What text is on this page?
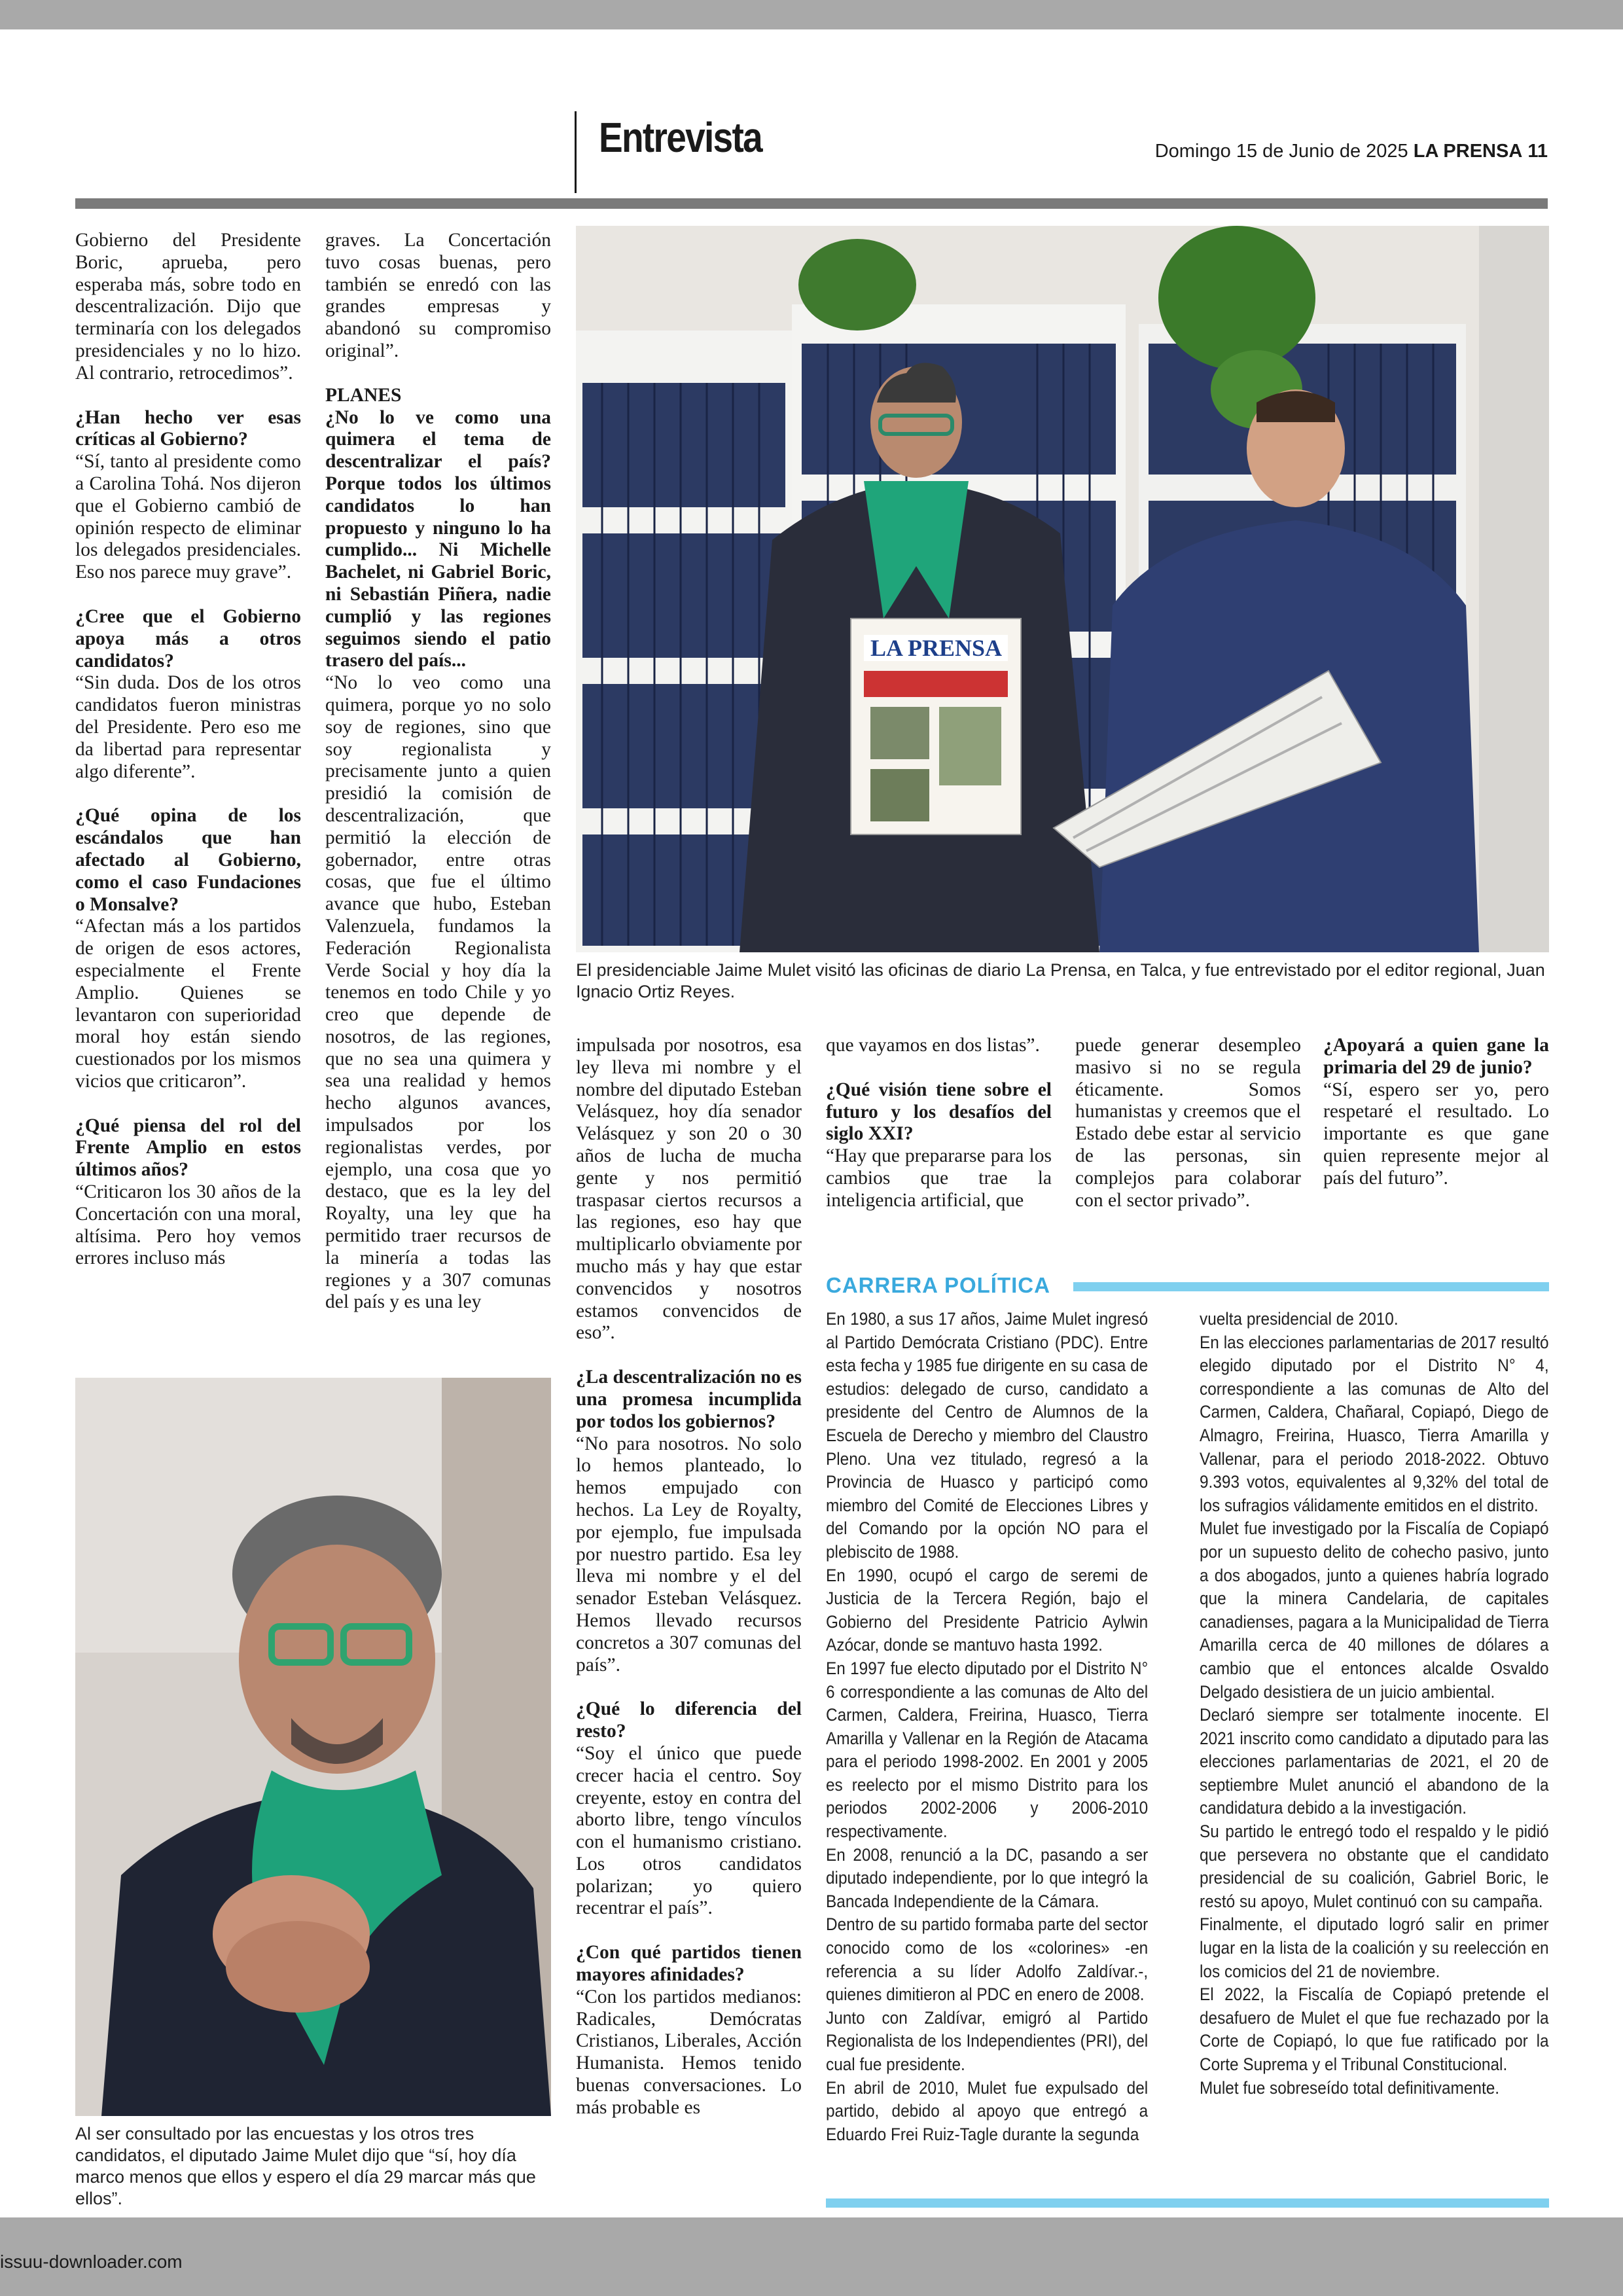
Entrevista	Domingo 15 de Junio de 2025 LA PRENSA 11

Gobierno del Presidente Boric, aprueba, pero esperaba más, sobre todo en descentralización. Dijo que terminaría con los delegados presidenciales y no lo hizo. Al contrario, retrocedimos”.

¿Han hecho ver esas críticas al Gobierno?

“Sí, tanto al presidente como a Carolina Tohá. Nos dijeron que el Gobierno cambió de opinión respecto de eliminar los delegados presidenciales. Eso nos parece muy grave”.

¿Cree que el Gobierno apoya más a otros candidatos?

“Sin duda. Dos de los otros candidatos fueron ministras del Presidente. Pero eso me da libertad para representar algo diferente”.

¿Qué opina de los escándalos que han afectado al Gobierno, como el caso Fundaciones o Monsalve?

“Afectan más a los partidos de origen de esos actores, especialmente el Frente Amplio. Quienes se levantaron con superioridad moral hoy están siendo cuestionados por los mismos vicios que criticaron”.

¿Qué piensa del rol del Frente Amplio en estos últimos años?

“Criticaron los 30 años de la Concertación con una moral, altísima. Pero hoy vemos errores incluso más

graves. La Concertación tuvo cosas buenas, pero también se enredó con las grandes empresas y abandonó su compromiso original”.

PLANES

¿No lo ve como una quimera el tema de descentralizar el país? Porque todos los últimos candidatos lo han propuesto y ninguno lo ha cumplido... Ni Michelle Bachelet, ni Gabriel Boric, ni Sebastián Piñera, nadie cumplió y las regiones seguimos siendo el patio trasero del país...

“No lo veo como una quimera, porque yo no solo soy de regiones, sino que soy regionalista y precisamente junto a quien presidió la comisión de descentralización, que permitió la elección de gobernador, entre otras cosas, que fue el último avance que hubo, Esteban Valenzuela, fundamos la Federación Regionalista Verde Social y hoy día la tenemos en todo Chile y yo creo que depende de nosotros, de las regiones, que no sea una quimera y sea una realidad y hemos hecho algunos avances, impulsados por los regionalistas verdes, por ejemplo, una cosa que yo destaco, que es la ley del Royalty, una ley que ha permitido traer recursos de la minería a todas las regiones y a 307 comunas del país y es una ley

LA PRENSA
El presidenciable Jaime Mulet visitó las oficinas de diario La Prensa, en Talca, y fue entrevistado por el editor regional, Juan Ignacio Ortiz Reyes.

impulsada por nosotros, esa ley lleva mi nombre y el nombre del diputado Esteban Velásquez, hoy día senador Velásquez y son 20 o 30 años de lucha de mucha gente y nos permitió traspasar ciertos recursos a las regiones, eso hay que multiplicarlo obviamente por mucho más y hay que estar convencidos y nosotros estamos convencidos de eso”.

¿La descentralización no es una promesa incumplida por todos los gobiernos?

“No para nosotros. No solo lo hemos planteado, lo hemos empujado con hechos. La Ley de Royalty, por ejemplo, fue impulsada por nuestro partido. Esa ley lleva mi nombre y el del senador Esteban Velásquez. Hemos llevado recursos concretos a 307 comunas del país”.

¿Qué lo diferencia del resto?

“Soy el único que puede crecer hacia el centro. Soy creyente, estoy en contra del aborto libre, tengo vínculos con el humanismo cristiano. Los otros candidatos polarizan; yo quiero recentrar el país”.

¿Con qué partidos tienen mayores afinidades?

“Con los partidos medianos: Radicales, Demócratas Cristianos, Liberales, Acción Humanista. Hemos tenido buenas conversaciones. Lo más probable es

que vayamos en dos listas”.

¿Qué visión tiene sobre el futuro y los desafíos del siglo XXI?

“Hay que prepararse para los cambios que trae la inteligencia artificial, que

puede generar desempleo masivo si no se regula éticamente. Somos humanistas y creemos que el Estado debe estar al servicio de las personas, sin complejos para colaborar con el sector privado”.

¿Apoyará a quien gane la primaria del 29 de junio?

“Sí, espero ser yo, pero respetaré el resultado. Lo importante es que gane quien represente mejor al país del futuro”.

Al ser consultado por las encuestas y los otros tres candidatos, el diputado Jaime Mulet dijo que “sí, hoy día marco menos que ellos y espero el día 29 marcar más que ellos”.
CARRERA POLÍTICA

En 1980, a sus 17 años, Jaime Mulet ingresó al Partido Demócrata Cristiano (PDC). Entre esta fecha y 1985 fue dirigente en su casa de estudios: delegado de curso, candidato a presidente del Centro de Alumnos de la Escuela de Derecho y miembro del Claustro Pleno. Una vez titulado, regresó a la Provincia de Huasco y participó como miembro del Comité de Elecciones Libres y del Comando por la opción NO para el plebiscito de 1988.

En 1990, ocupó el cargo de seremi de Justicia de la Tercera Región, bajo el Gobierno del Presidente Patricio Aylwin Azócar, donde se mantuvo hasta 1992.

En 1997 fue electo diputado por el Distrito N° 6 correspondiente a las comunas de Alto del Carmen, Caldera, Freirina, Huasco, Tierra Amarilla y Vallenar en la Región de Atacama para el periodo 1998-2002. En 2001 y 2005 es reelecto por el mismo Distrito para los periodos 2002-2006 y 2006-2010 respectivamente.

En 2008, renunció a la DC, pasando a ser diputado independiente, por lo que integró la Bancada Independiente de la Cámara.

Dentro de su partido formaba parte del sector conocido como de los «colorines» -en referencia a su líder Adolfo Zaldívar.-, quienes dimitieron al PDC en enero de 2008.

Junto con Zaldívar, emigró al Partido Regionalista de los Independientes (PRI), del cual fue presidente.

En abril de 2010, Mulet fue expulsado del partido, debido al apoyo que entregó a Eduardo Frei Ruiz-Tagle durante la segunda

vuelta presidencial de 2010.

En las elecciones parlamentarias de 2017 resultó elegido diputado por el Distrito N° 4, correspondiente a las comunas de Alto del Carmen, Caldera, Chañaral, Copiapó, Diego de Almagro, Freirina, Huasco, Tierra Amarilla y Vallenar, para el periodo 2018-2022. Obtuvo 9.393 votos, equivalentes al 9,32% del total de los sufragios válidamente emitidos en el distrito.

Mulet fue investigado por la Fiscalía de Copiapó por un supuesto delito de cohecho pasivo, junto a dos abogados, junto a quienes habría logrado que la minera Candelaria, de capitales canadienses, pagara a la Municipalidad de Tierra Amarilla cerca de 40 millones de dólares a cambio que el entonces alcalde Osvaldo Delgado desistiera de un juicio ambiental.

Declaró siempre ser totalmente inocente. El 2021 inscrito como candidato a diputado para las elecciones parlamentarias de 2021, el 20 de septiembre Mulet anunció el abandono de la candidatura debido a la investigación.

Su partido le entregó todo el respaldo y le pidió que persevera no obstante que el candidato presidencial de su coalición, Gabriel Boric, le restó su apoyo, Mulet continuó con su campaña.

Finalmente, el diputado logró salir en primer lugar en la lista de la coalición y su reelección en los comicios del 21 de noviembre.

El 2022, la Fiscalía de Copiapó pretende el desafuero de Mulet el que fue rechazado por la Corte de Copiapó, lo que fue ratificado por la Corte Suprema y el Tribunal Constitucional.

Mulet fue sobreseído total definitivamente.

issuu-downloader.com
